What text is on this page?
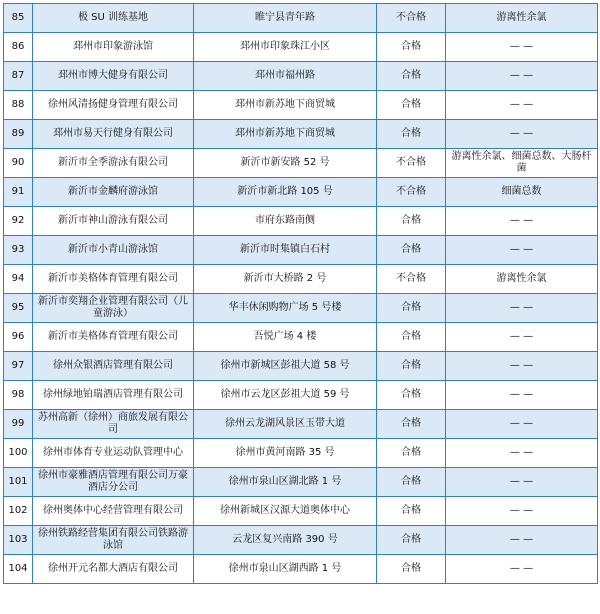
85	极 SU 训练基地	睢宁县青年路	不合格	游离性余氯
86	邳州市印象游泳馆	邳州市印象珠江小区	合格	— —
87	邳州市博大健身有限公司	邳州市福州路	合格	— —
88	徐州风清扬健身管理有限公司	邳州市新苏地下商贸城	合格	— —
89	邳州市易天行健身有限公司	邳州市新苏地下商贸城	合格	— —
90	新沂市全季游泳有限公司	新沂市新安路 52 号	不合格	游离性余氯、细菌总数、大肠杆菌
91	新沂市金麟府游泳馆	新沂市新北路 105 号	不合格	细菌总数
92	新沂市神山游泳有限公司	市府东路南侧	合格	— —
93	新沂市小青山游泳馆	新沂市时集镇白石村	合格	— —
94	新沂市美格体育管理有限公司	新沂市大桥路 2 号	不合格	游离性余氯
95	新沂市奕翔企业管理有限公司（儿童游泳）	华丰休闲购物广场 5 号楼	合格	— —
96	新沂市美格体育管理有限公司	吾悦广场 4 楼	合格	— —
97	徐州众银酒店管理有限公司	徐州市新城区彭祖大道 58 号	合格	— —
98	徐州绿地铂瑞酒店管理有限公司	徐州市云龙区彭祖大道 59 号	合格	— —
99	苏州高新（徐州）商旅发展有限公司	徐州云龙湖风景区玉带大道	合格	— —
100	徐州市体育专业运动队管理中心	徐州市黄河南路 35 号	合格	— —
101	徐州市豪雅酒店管理有限公司万豪酒店分公司	徐州市泉山区湖北路 1 号	合格	— —
102	徐州奥体中心经营管理有限公司	徐州新城区汉源大道奥体中心	合格	— —
103	徐州铁路经营集团有限公司铁路游泳馆	云龙区复兴南路 390 号	合格	— —
104	徐州开元名都大酒店有限公司	徐州市泉山区湖西路 1 号	合格	— —
